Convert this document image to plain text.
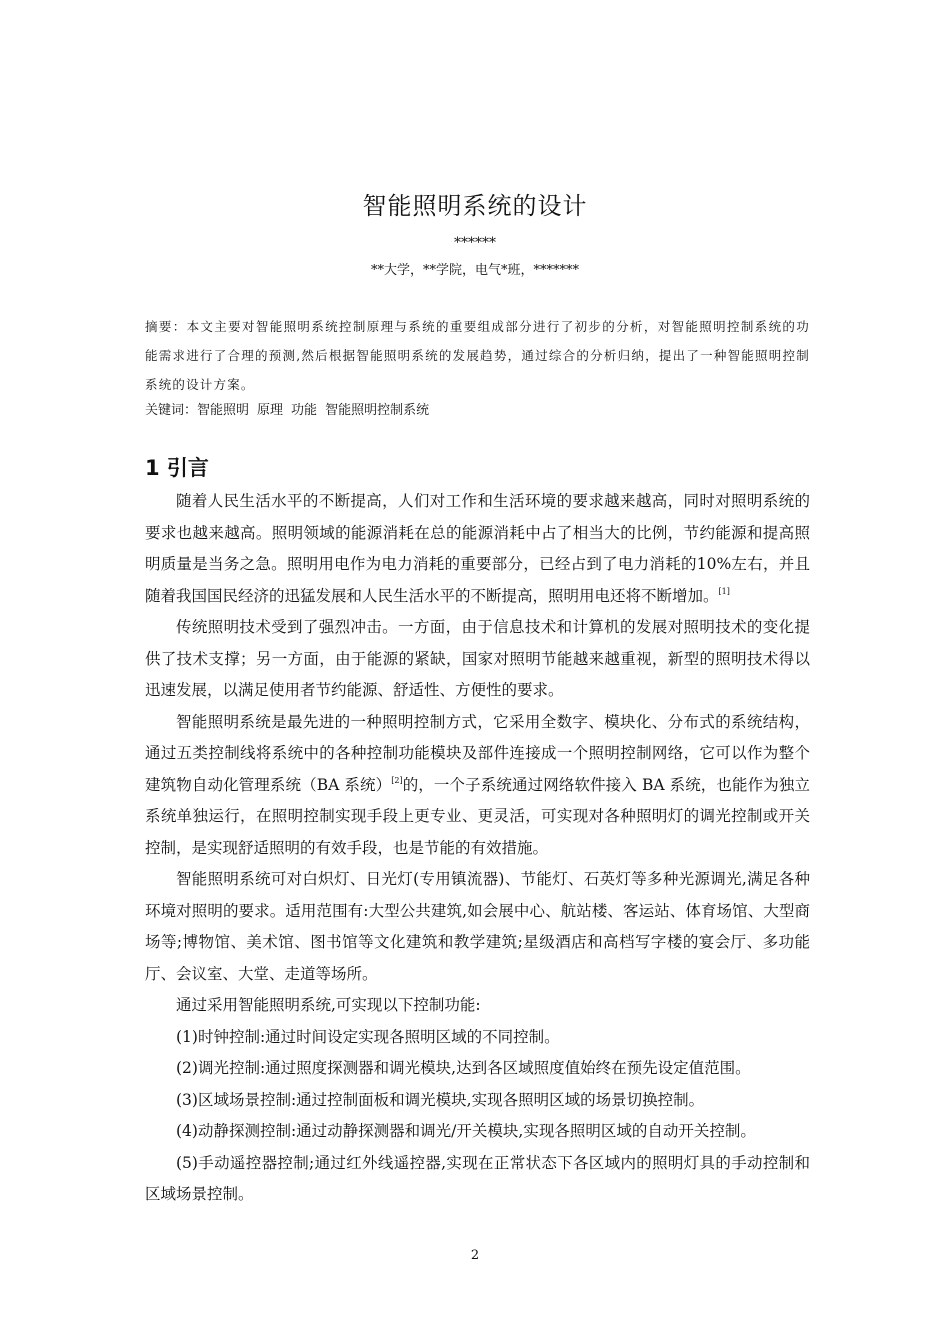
智能照明系统的设计
******
**大学，**学院，电气*班，*******
摘要：本文主要对智能照明系统控制原理与系统的重要组成部分进行了初步的分析，对智能照明控制系统的功能需求进行了合理的预测,然后根据智能照明系统的发展趋势，通过综合的分析归纳，提出了一种智能照明控制系统的设计方案。
关键词：智能照明 原理 功能 智能照明控制系统
1 引言

随着人民生活水平的不断提高，人们对工作和生活环境的要求越来越高，同时对照明系统的要求也越来越高。照明领域的能源消耗在总的能源消耗中占了相当大的比例，节约能源和提高照明质量是当务之急。照明用电作为电力消耗的重要部分，已经占到了电力消耗的10%左右，并且随着我国国民经济的迅猛发展和人民生活水平的不断提高，照明用电还将不断增加。[1]

传统照明技术受到了强烈冲击。一方面，由于信息技术和计算机的发展对照明技术的变化提供了技术支撑；另一方面，由于能源的紧缺，国家对照明节能越来越重视，新型的照明技术得以迅速发展，以满足使用者节约能源、舒适性、方便性的要求。

智能照明系统是最先进的一种照明控制方式，它采用全数字、模块化、分布式的系统结构，通过五类控制线将系统中的各种控制功能模块及部件连接成一个照明控制网络，它可以作为整个建筑物自动化管理系统（BA 系统）[2]的，一个子系统通过网络软件接入 BA 系统，也能作为独立系统单独运行，在照明控制实现手段上更专业、更灵活，可实现对各种照明灯的调光控制或开关控制，是实现舒适照明的有效手段，也是节能的有效措施。

智能照明系统可对白炽灯、日光灯(专用镇流器)、节能灯、石英灯等多种光源调光,满足各种环境对照明的要求。适用范围有:大型公共建筑,如会展中心、航站楼、客运站、体育场馆、大型商场等;博物馆、美术馆、图书馆等文化建筑和教学建筑;星级酒店和高档写字楼的宴会厅、多功能厅、会议室、大堂、走道等场所。

通过采用智能照明系统,可实现以下控制功能:

(1)时钟控制:通过时间设定实现各照明区域的不同控制。

(2)调光控制:通过照度探测器和调光模块,达到各区域照度值始终在预先设定值范围。

(3)区域场景控制:通过控制面板和调光模块,实现各照明区域的场景切换控制。

(4)动静探测控制:通过动静探测器和调光/开关模块,实现各照明区域的自动开关控制。

(5)手动遥控器控制;通过红外线遥控器,实现在正常状态下各区域内的照明灯具的手动控制和区域场景控制。

2
